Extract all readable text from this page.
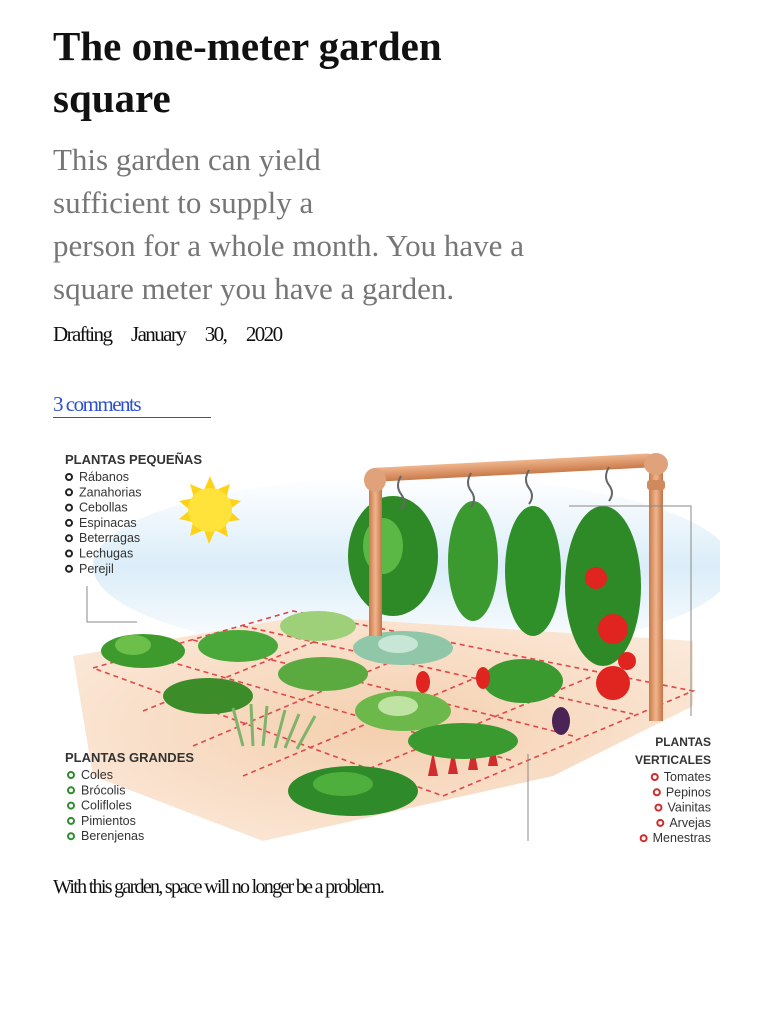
The one-meter garden
square

This garden can yield
sufficient to supply a
person for a whole month. You have a
square meter you have a garden.

Drafting January 30, 2020
3 comments
PLANTAS PEQUEÑAS
Rábanos
Zanahorias
Cebollas
Espinacas
Beterragas
Lechugas
Perejil
PLANTAS GRANDES
Coles
Brócolis
Colifloles
Pimientos
Berenjenas
PLANTAS
VERTICALES
Tomates
Pepinos
Vainitas
Arvejas
Menestras
With this garden, space will no longer be a problem.
